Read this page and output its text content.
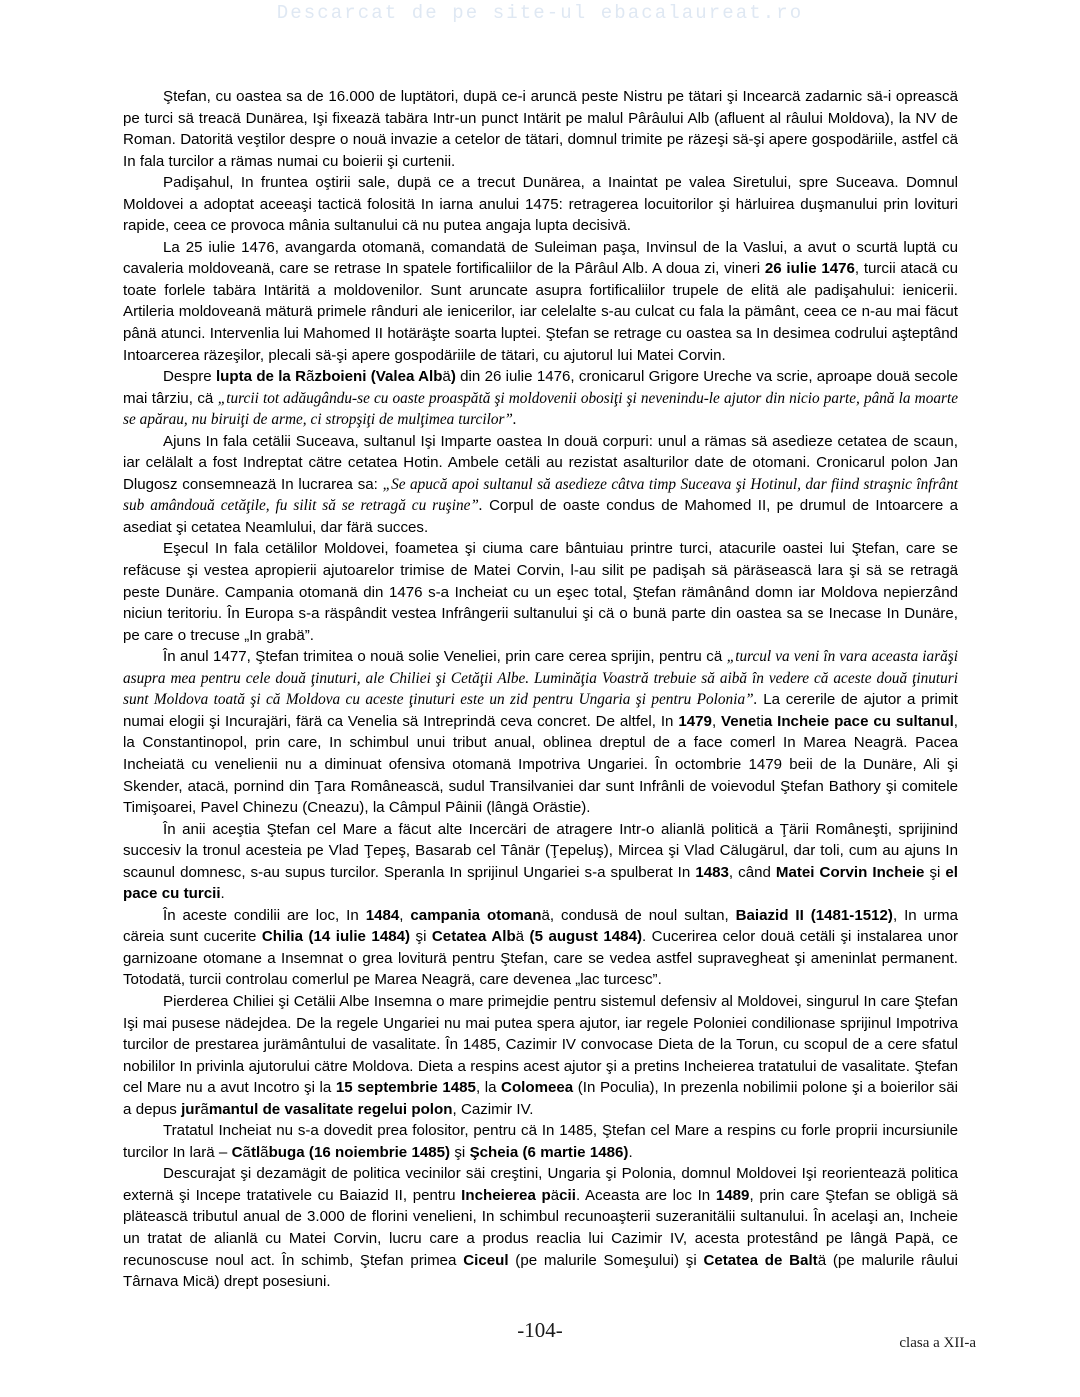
Descarcat de pe site-ul ebacalaureat.ro

Ştefan, cu oastea sa de 16.000 de luptätori, dupä ce-i aruncä peste Nistru pe tätari şi Incearcä zadarnic sä-i opreascä pe turci sä treacä Dunärea, Işi fixeazä tabära Intr-un punct Intärit pe malul Pârâului Alb (afluent al râului Moldova), la NV de Roman. Datoritä veştilor despre o nouä invazie a cetelor de tätari, domnul trimite pe räzeşi sä-şi apere gospodäriile, astfel cä In fala turcilor a rämas numai cu boierii şi curtenii.

Padişahul, In fruntea oştirii sale, dupä ce a trecut Dunärea, a Inaintat pe valea Siretului, spre Suceava. Domnul Moldovei a adoptat aceeaşi tacticä folositä In iarna anului 1475: retragerea locuitorilor şi härluirea duşmanului prin lovituri rapide, ceea ce provoca mânia sultanului cä nu putea angaja lupta decisivä.

La 25 iulie 1476, avangarda otomanä, comandatä de Suleiman paşa, Invinsul de la Vaslui, a avut o scurtä luptä cu cavaleria moldoveanä, care se retrase In spatele fortificaliilor de la Pârâul Alb. A doua zi, vineri 26 iulie 1476, turcii atacä cu toate forlele tabära Intäritä a moldovenilor. Sunt aruncate asupra fortificaliilor trupele de elitä ale padişahului: ienicerii. Artileria moldoveanä mäturä primele rânduri ale ienicerilor, iar celelalte s-au culcat cu fala la pämânt, ceea ce n-au mai fäcut pânä atunci. Intervenlia lui Mahomed II hotäräşte soarta luptei. Ştefan se retrage cu oastea sa In desimea codrului aşteptând Intoarcerea räzeşilor, plecali sä-şi apere gospodäriile de tätari, cu ajutorul lui Matei Corvin.

Despre lupta de la Rãzboieni (Valea Albä) din 26 iulie 1476, cronicarul Grigore Ureche va scrie, aproape douä secole mai târziu, cä „turcii tot adăugându-se cu oaste proaspătă şi moldovenii obosiţi şi nevenindu-le ajutor din nicio parte, până la moarte se apărau, nu biruiţi de arme, ci stropşiţi de mulţimea turcilor”.

Ajuns In fala cetälii Suceava, sultanul Işi Imparte oastea In douä corpuri: unul a rämas sä asedieze cetatea de scaun, iar celälalt a fost Indreptat cätre cetatea Hotin. Ambele cetäli au rezistat asalturilor date de otomani. Cronicarul polon Jan Dlugosz consemneazä In lucrarea sa: „Se apucă apoi sultanul să asedieze câtva timp Suceava şi Hotinul, dar fiind straşnic înfrânt sub amândouă cetăţile, fu silit să se retragă cu ruşine”. Corpul de oaste condus de Mahomed II, pe drumul de Intoarcere a asediat şi cetatea Neamlului, dar färä succes.

Eşecul In fala cetälilor Moldovei, foametea şi ciuma care bântuiau printre turci, atacurile oastei lui Ştefan, care se refäcuse şi vestea apropierii ajutoarelor trimise de Matei Corvin, l-au silit pe padişah sä päräseascä lara şi sä se retragä peste Dunäre. Campania otomanä din 1476 s-a Incheiat cu un eşec total, Ştefan rämânând domn iar Moldova nepierzând niciun teritoriu. În Europa s-a räspândit vestea Infrângerii sultanului şi cä o bunä parte din oastea sa se Inecase In Dunäre, pe care o trecuse „In grabä”.

În anul 1477, Ştefan trimitea o nouä solie Veneliei, prin care cerea sprijin, pentru cä „turcul va veni în vara aceasta iarăşi asupra mea pentru cele două ţinuturi, ale Chiliei şi Cetăţii Albe. Luminăţia Voastră trebuie să aibă în vedere că aceste două ţinuturi sunt Moldova toată şi că Moldova cu aceste ţinuturi este un zid pentru Ungaria şi pentru Polonia”. La cererile de ajutor a primit numai elogii şi Incurajäri, färä ca Venelia sä Intreprindä ceva concret. De altfel, In 1479, Venetia Incheie pace cu sultanul, la Constantinopol, prin care, In schimbul unui tribut anual, oblinea dreptul de a face comerl In Marea Neagrä. Pacea Incheiatä cu venelienii nu a diminuat ofensiva otomanä Impotriva Ungariei. În octombrie 1479 beii de la Dunäre, Ali şi Skender, atacä, pornind din Ţara Româneascä, sudul Transilvaniei dar sunt Infrânli de voievodul Ştefan Bathory şi comitele Timişoarei, Pavel Chinezu (Cneazu), la Câmpul Pâinii (lângä Orästie).

În anii aceştia Ştefan cel Mare a fäcut alte Incercäri de atragere Intr-o alianlä politicä a Ţärii Româneşti, sprijinind succesiv la tronul acesteia pe Vlad Ţepeş, Basarab cel Tânär (Ţepeluş), Mircea şi Vlad Cälugärul, dar toli, cum au ajuns In scaunul domnesc, s-au supus turcilor. Speranla In sprijinul Ungariei s-a spulberat In 1483, când Matei Corvin Incheie şi el pace cu turcii.

În aceste condilii are loc, In 1484, campania otomanä, condusä de noul sultan, Baiazid II (1481-1512), In urma cäreia sunt cucerite Chilia (14 iulie 1484) şi Cetatea Albä (5 august 1484). Cucerirea celor douä cetäli şi instalarea unor garnizoane otomane a Insemnat o grea loviturä pentru Ştefan, care se vedea astfel supravegheat şi ameninlat permanent. Totodatä, turcii controlau comerlul pe Marea Neagrä, care devenea „lac turcesc”.

Pierderea Chiliei şi Cetälii Albe Insemna o mare primejdie pentru sistemul defensiv al Moldovei, singurul In care Ştefan Işi mai pusese nädejdea. De la regele Ungariei nu mai putea spera ajutor, iar regele Poloniei condilionase sprijinul Impotriva turcilor de prestarea jurämântului de vasalitate. În 1485, Cazimir IV convocase Dieta de la Torun, cu scopul de a cere sfatul nobililor In privinla ajutorului cätre Moldova. Dieta a respins acest ajutor şi a pretins Incheierea tratatului de vasalitate. Ştefan cel Mare nu a avut Incotro şi la 15 septembrie 1485, la Colomeea (In Poculia), In prezenla nobilimii polone şi a boierilor säi a depus jurãmantul de vasalitate regelui polon, Cazimir IV.

Tratatul Incheiat nu s-a dovedit prea folositor, pentru cä In 1485, Ştefan cel Mare a respins cu forle proprii incursiunile turcilor In larä – Cãtlãbuga (16 noiembrie 1485) şi Şcheia (6 martie 1486).

Descurajat şi dezamägit de politica vecinilor säi creştini, Ungaria şi Polonia, domnul Moldovei Işi reorienteazä politica externä şi Incepe tratativele cu Baiazid II, pentru Incheierea päcii. Aceasta are loc In 1489, prin care Ştefan se obligä sä pläteascä tributul anual de 3.000 de florini venelieni, In schimbul recunoaşterii suzeranitälii sultanului. În acelaşi an, Incheie un tratat de alianlä cu Matei Corvin, lucru care a produs reaclia lui Cazimir IV, acesta protestând pe lângä Papä, ce recunoscuse noul act. În schimb, Ştefan primea Ciceul (pe malurile Someşului) şi Cetatea de Baltä (pe malurile râului Târnava Micä) drept posesiuni.

-104-
clasa a XII-a
